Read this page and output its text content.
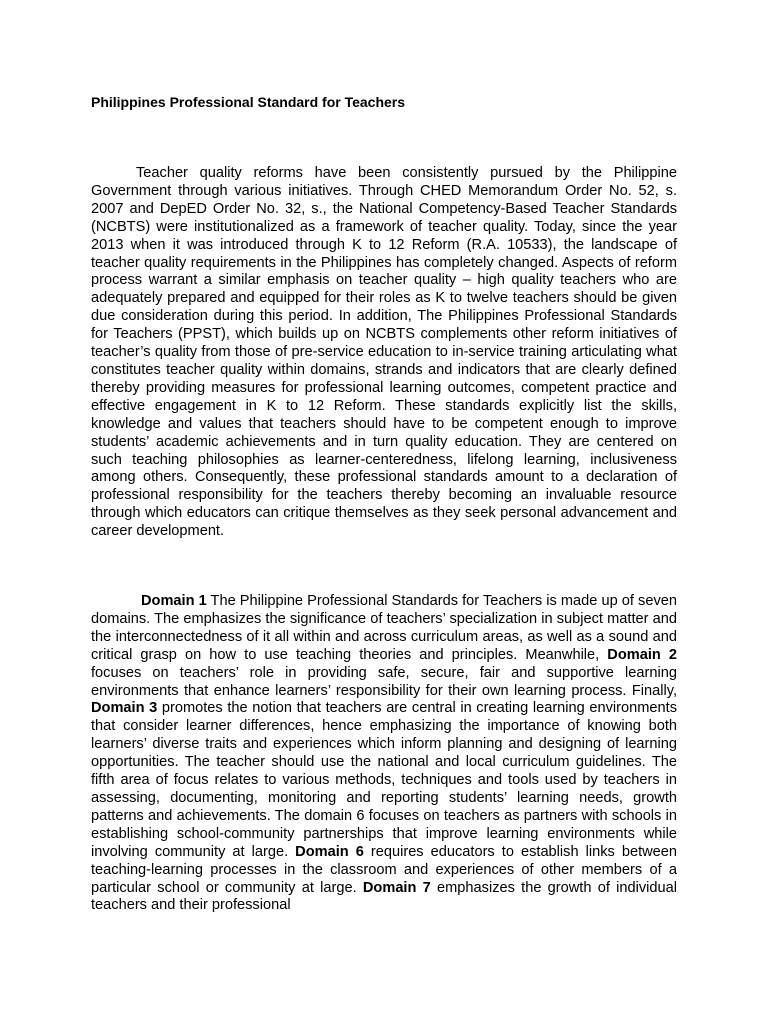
Philippines Professional Standard for Teachers

Teacher quality reforms have been consistently pursued by the Philippine Government through various initiatives. Through CHED Memorandum Order No. 52, s. 2007 and DepED Order No. 32, s., the National Competency-Based Teacher Standards (NCBTS) were institutionalized as a framework of teacher quality. Today, since the year 2013 when it was introduced through K to 12 Reform (R.A. 10533), the landscape of teacher quality requirements in the Philippines has completely changed. Aspects of reform process warrant a similar emphasis on teacher quality – high quality teachers who are adequately prepared and equipped for their roles as K to twelve teachers should be given due consideration during this period. In addition, The Philippines Professional Standards for Teachers (PPST), which builds up on NCBTS complements other reform initiatives of teacher’s quality from those of pre-service education to in-service training articulating what constitutes teacher quality within domains, strands and indicators that are clearly defined thereby providing measures for professional learning outcomes, competent practice and effective engagement in K to 12 Reform. These standards explicitly list the skills, knowledge and values that teachers should have to be competent enough to improve students’ academic achievements and in turn quality education. They are centered on such teaching philosophies as learner-centeredness, lifelong learning, inclusiveness among others. Consequently, these professional standards amount to a declaration of professional responsibility for the teachers thereby becoming an invaluable resource through which educators can critique themselves as they seek personal advancement and career development.

Domain 1 The Philippine Professional Standards for Teachers is made up of seven domains. The emphasizes the significance of teachers’ specialization in subject matter and the interconnectedness of it all within and across curriculum areas, as well as a sound and critical grasp on how to use teaching theories and principles. Meanwhile, Domain 2 focuses on teachers’ role in providing safe, secure, fair and supportive learning environments that enhance learners’ responsibility for their own learning process. Finally, Domain 3 promotes the notion that teachers are central in creating learning environments that consider learner differences, hence emphasizing the importance of knowing both learners’ diverse traits and experiences which inform planning and designing of learning opportunities. The teacher should use the national and local curriculum guidelines. The fifth area of focus relates to various methods, techniques and tools used by teachers in assessing, documenting, monitoring and reporting students’ learning needs, growth patterns and achievements. The domain 6 focuses on teachers as partners with schools in establishing school-community partnerships that improve learning environments while involving community at large. Domain 6 requires educators to establish links between teaching-learning processes in the classroom and experiences of other members of a particular school or community at large. Domain 7 emphasizes the growth of individual teachers and their professional
